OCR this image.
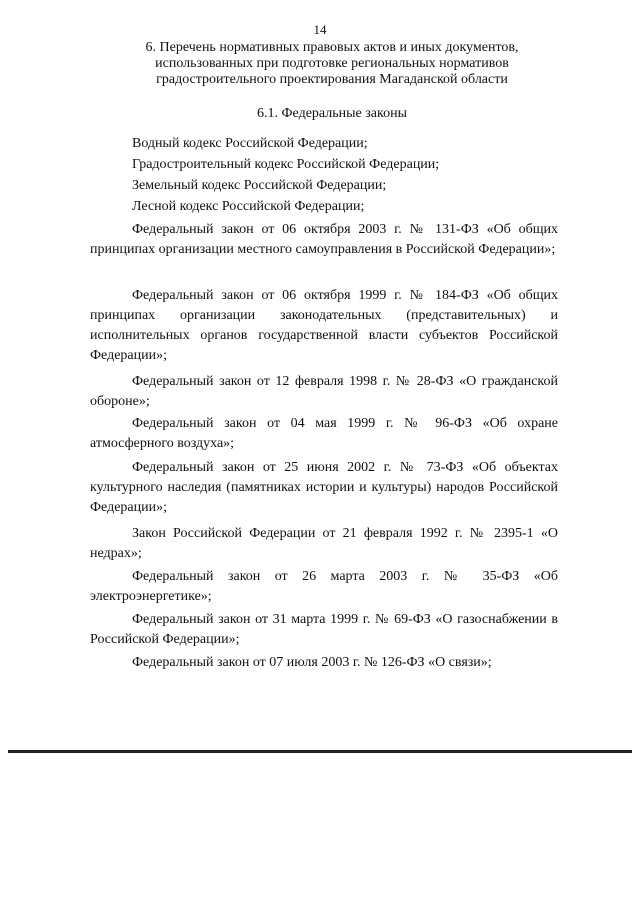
14
6. Перечень нормативных правовых актов и иных документов, использованных при подготовке региональных нормативов градостроительного проектирования Магаданской области
6.1. Федеральные законы

Водный кодекс Российской Федерации;

Градостроительный кодекс Российской Федерации;

Земельный кодекс Российской Федерации;

Лесной кодекс Российской Федерации;

Федеральный закон от 06 октября 2003 г. № 131-ФЗ «Об общих принципах организации местного самоуправления в Российской Федерации»;

Федеральный закон от 06 октября 1999 г. № 184-ФЗ «Об общих принципах организации законодательных (представительных) и исполнительных органов государственной власти субъектов Российской Федерации»;

Федеральный закон от 12 февраля 1998 г. № 28-ФЗ «О гражданской обороне»;

Федеральный закон от 04 мая 1999 г. № 96-ФЗ «Об охране атмосферного воздуха»;

Федеральный закон от 25 июня 2002 г. № 73-ФЗ «Об объектах культурного наследия (памятниках истории и культуры) народов Российской Федерации»;

Закон Российской Федерации от 21 февраля 1992 г. № 2395-1 «О недрах»;

Федеральный закон от 26 марта 2003 г. № 35-ФЗ «Об электроэнергетике»;

Федеральный закон от 31 марта 1999 г. № 69-ФЗ «О газоснабжении в Российской Федерации»;

Федеральный закон от 07 июля 2003 г. № 126-ФЗ «О связи»;
